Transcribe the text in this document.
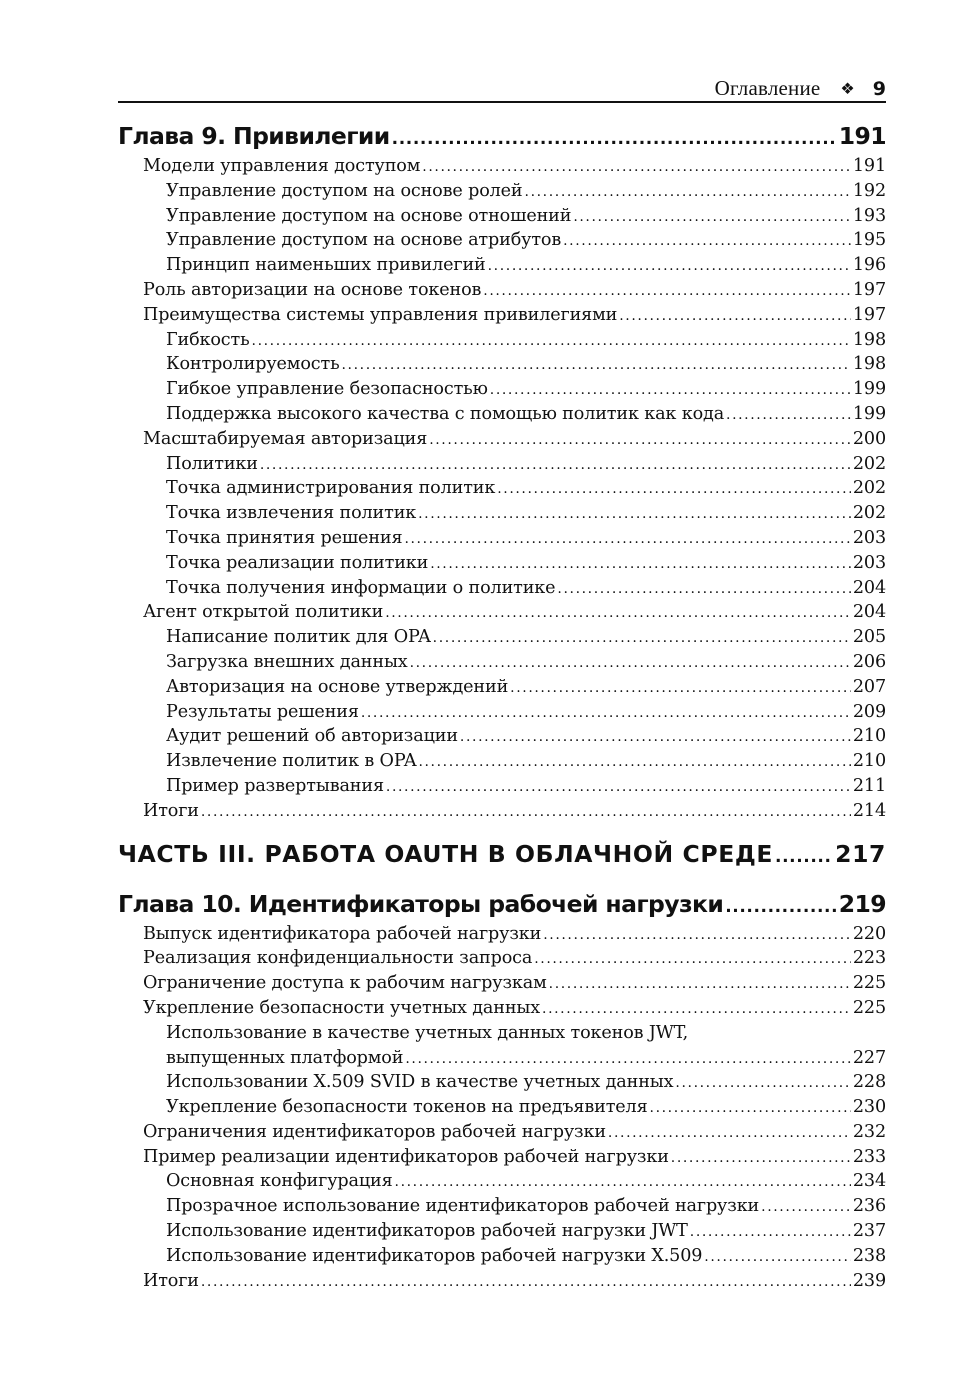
Оглавление ❖ 9
Глава 9. Привилегии .....	191
Модели управления доступом .....	191
Управление доступом на основе ролей .....	192
Управление доступом на основе отношений .....	193
Управление доступом на основе атрибутов .....	195
Принцип наименьших привилегий .....	196
Роль авторизации на основе токенов .....	197
Преимущества системы управления привилегиями .....	197
Гибкость .....	198
Контролируемость .....	198
Гибкое управление безопасностью .....	199
Поддержка высокого качества с помощью политик как кода .....	199
Масштабируемая авторизация .....	200
Политики .....	202
Точка администрирования политик .....	202
Точка извлечения политик .....	202
Точка принятия решения .....	203
Точка реализации политики .....	203
Точка получения информации о политике .....	204
Агент открытой политики .....	204
Написание политик для OPA .....	205
Загрузка внешних данных .....	206
Авторизация на основе утверждений .....	207
Результаты решения .....	209
Аудит решений об авторизации .....	210
Извлечение политик в OPA .....	210
Пример развертывания .....	211
Итоги .....	214
ЧАСТЬ III. РАБОТА OAUTH В ОБЛАЧНОЙ СРЕДЕ .....	217
Глава 10. Идентификаторы рабочей нагрузки .....	219
Выпуск идентификатора рабочей нагрузки .....	220
Реализация конфиденциальности запроса .....	223
Ограничение доступа к рабочим нагрузкам .....	225
Укрепление безопасности учетных данных .....	225
Использование в качестве учетных данных токенов JWT,
выпущенных платформой .....	227
Использовании X.509 SVID в качестве учетных данных .....	228
Укрепление безопасности токенов на предъявителя .....	230
Ограничения идентификаторов рабочей нагрузки .....	232
Пример реализации идентификаторов рабочей нагрузки .....	233
Основная конфигурация .....	234
Прозрачное использование идентификаторов рабочей нагрузки .....	236
Использование идентификаторов рабочей нагрузки JWT .....	237
Использование идентификаторов рабочей нагрузки X.509 .....	238
Итоги .....	239
